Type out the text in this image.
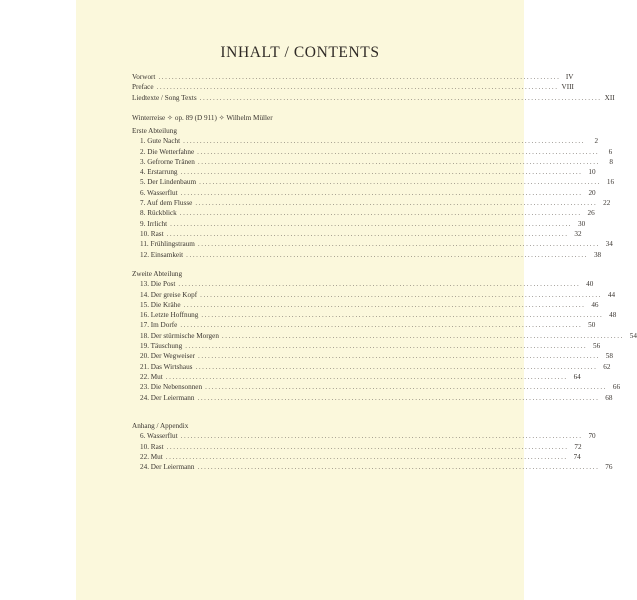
INHALT / CONTENTS
Vorwort ........................................................................................................................ IV
Preface ........................................................................................................................ VIII
Liedtexte / Song Texts ........................................................................................................................ XII
Winterreise ✧ op. 89 (D 911) ✧ Wilhelm Müller
Erste Abteilung
1. Gute Nacht ........................................................................................................................	2
2. Die Wetterfahne ........................................................................................................................	6
3. Gefrorne Tränen ........................................................................................................................	8
4. Erstarrung ........................................................................................................................ 10
5. Der Lindenbaum ........................................................................................................................ 16
6. Wasserflut ........................................................................................................................ 20
7. Auf dem Flusse ........................................................................................................................ 22
8. Rückblick ........................................................................................................................ 26
9. Irrlicht ........................................................................................................................ 30
10. Rast ........................................................................................................................ 32
11. Frühlingstraum ........................................................................................................................ 34
12. Einsamkeit ........................................................................................................................ 38
Zweite Abteilung
13. Die Post ........................................................................................................................ 40
14. Der greise Kopf ........................................................................................................................ 44
15. Die Krähe ........................................................................................................................ 46
16. Letzte Hoffnung ........................................................................................................................ 48
17. Im Dorfe ........................................................................................................................ 50
18. Der stürmische Morgen ........................................................................................................................ 54
19. Täuschung ........................................................................................................................ 56
20. Der Wegweiser ........................................................................................................................ 58
21. Das Wirtshaus ........................................................................................................................ 62
22. Mut ........................................................................................................................ 64
23. Die Nebensonnen ........................................................................................................................ 66
24. Der Leiermann ........................................................................................................................ 68
Anhang / Appendix
6. Wasserflut ........................................................................................................................ 70
10. Rast ........................................................................................................................ 72
22. Mut ........................................................................................................................ 74
24. Der Leiermann ........................................................................................................................ 76
